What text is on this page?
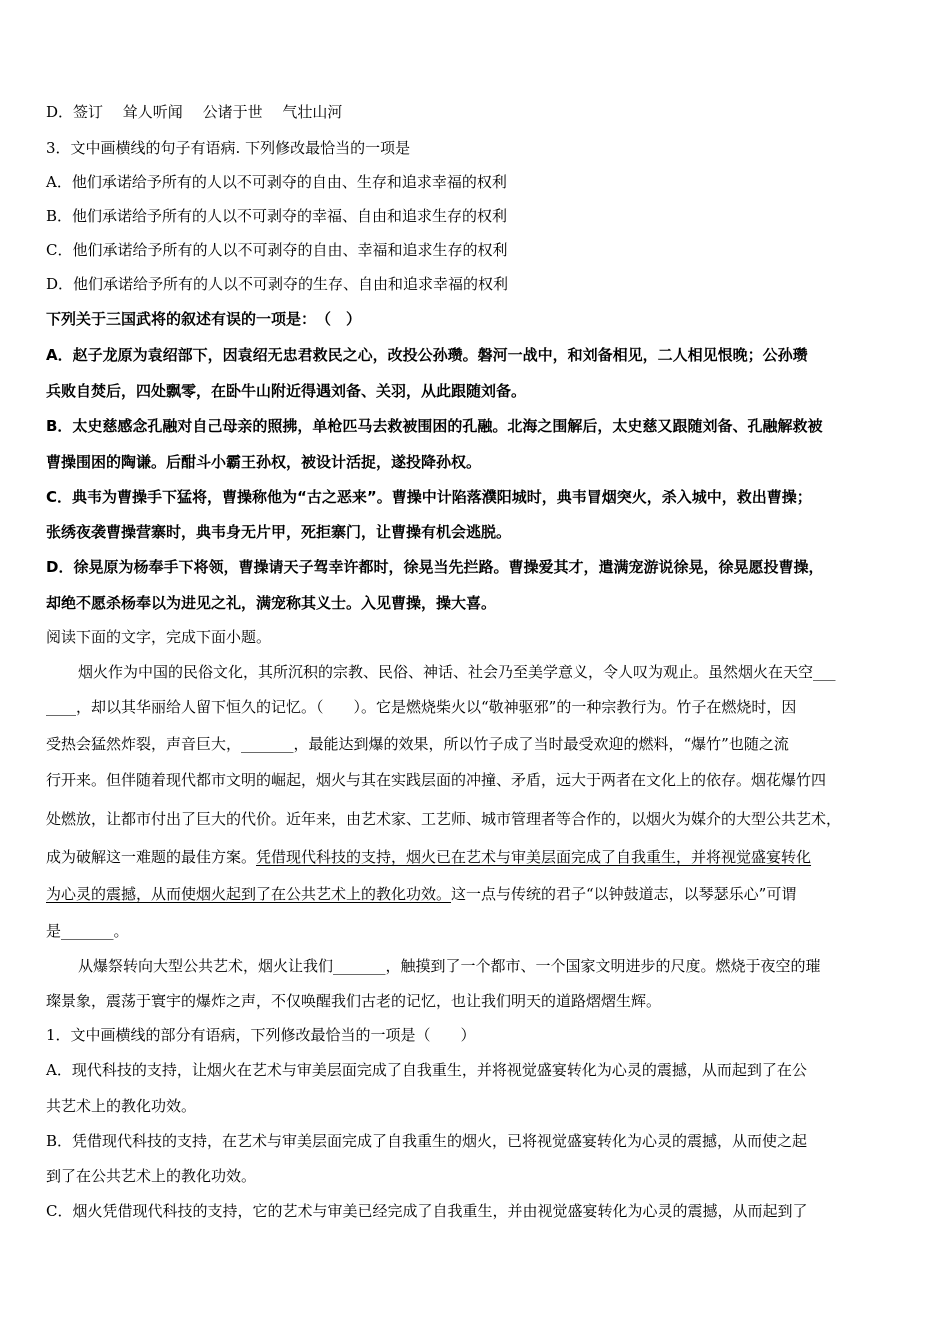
D．签订　 耸人听闻　 公诸于世　 气壮山河
3．文中画横线的句子有语病. 下列修改最恰当的一项是
A．他们承诺给予所有的人以不可剥夺的自由、生存和追求幸福的权利
B．他们承诺给予所有的人以不可剥夺的幸福、自由和追求生存的权利
C．他们承诺给予所有的人以不可剥夺的自由、幸福和追求生存的权利
D．他们承诺给予所有的人以不可剥夺的生存、自由和追求幸福的权利
下列关于三国武将的叙述有误的一项是：　（　）
A．赵子龙原为袁绍部下，因袁绍无忠君救民之心，改投公孙瓒。磐河一战中，和刘备相见，二人相见恨晚；公孙瓒
兵败自焚后，四处飘零，在卧牛山附近得遇刘备、关羽，从此跟随刘备。
B．太史慈感念孔融对自己母亲的照拂，单枪匹马去救被围困的孔融。北海之围解后，太史慈又跟随刘备、孔融解救被
曹操围困的陶谦。后酣斗小霸王孙权，被设计活捉，遂投降孙权。
C．典韦为曹操手下猛将，曹操称他为“古之恶来”。曹操中计陷落濮阳城时，典韦冒烟突火，杀入城中，救出曹操；
张绣夜袭曹操营寨时，典韦身无片甲，死拒寨门，让曹操有机会逃脱。
D．徐晃原为杨奉手下将领，曹操请天子驾幸许都时，徐晃当先拦路。曹操爱其才，遣满宠游说徐晃，徐晃愿投曹操，
却绝不愿杀杨奉以为进见之礼，满宠称其义士。入见曹操，操大喜。
阅读下面的文字，完成下面小题。
烟火作为中国的民俗文化，其所沉积的宗教、民俗、神话、社会乃至美学意义，令人叹为观止。虽然烟火在天空___
____，却以其华丽给人留下恒久的记忆。（　　）。它是燃烧柴火以“敬神驱邪”的一种宗教行为。竹子在燃烧时，因
受热会猛然炸裂，声音巨大，_______，最能达到爆的效果，所以竹子成了当时最受欢迎的燃料，“爆竹”也随之流
行开来。但伴随着现代都市文明的崛起，烟火与其在实践层面的冲撞、矛盾，远大于两者在文化上的依存。烟花爆竹四
处燃放，让都市付出了巨大的代价。近年来，由艺术家、工艺师、城市管理者等合作的，以烟火为媒介的大型公共艺术，
成为破解这一难题的最佳方案。凭借现代科技的支持，烟火已在艺术与审美层面完成了自我重生，并将视觉盛宴转化
为心灵的震撼，从而使烟火起到了在公共艺术上的教化功效。这一点与传统的君子“以钟鼓道志，以琴瑟乐心”可谓
是_______。
从爆祭转向大型公共艺术，烟火让我们_______，触摸到了一个都市、一个国家文明进步的尺度。燃烧于夜空的璀
璨景象，震荡于寰宇的爆炸之声，不仅唤醒我们古老的记忆，也让我们明天的道路熠熠生辉。
1．文中画横线的部分有语病，下列修改最恰当的一项是（　　）
A．现代科技的支持，让烟火在艺术与审美层面完成了自我重生，并将视觉盛宴转化为心灵的震撼，从而起到了在公
共艺术上的教化功效。
B．凭借现代科技的支持，在艺术与审美层面完成了自我重生的烟火，已将视觉盛宴转化为心灵的震撼，从而使之起
到了在公共艺术上的教化功效。
C．烟火凭借现代科技的支持，它的艺术与审美已经完成了自我重生，并由视觉盛宴转化为心灵的震撼，从而起到了
